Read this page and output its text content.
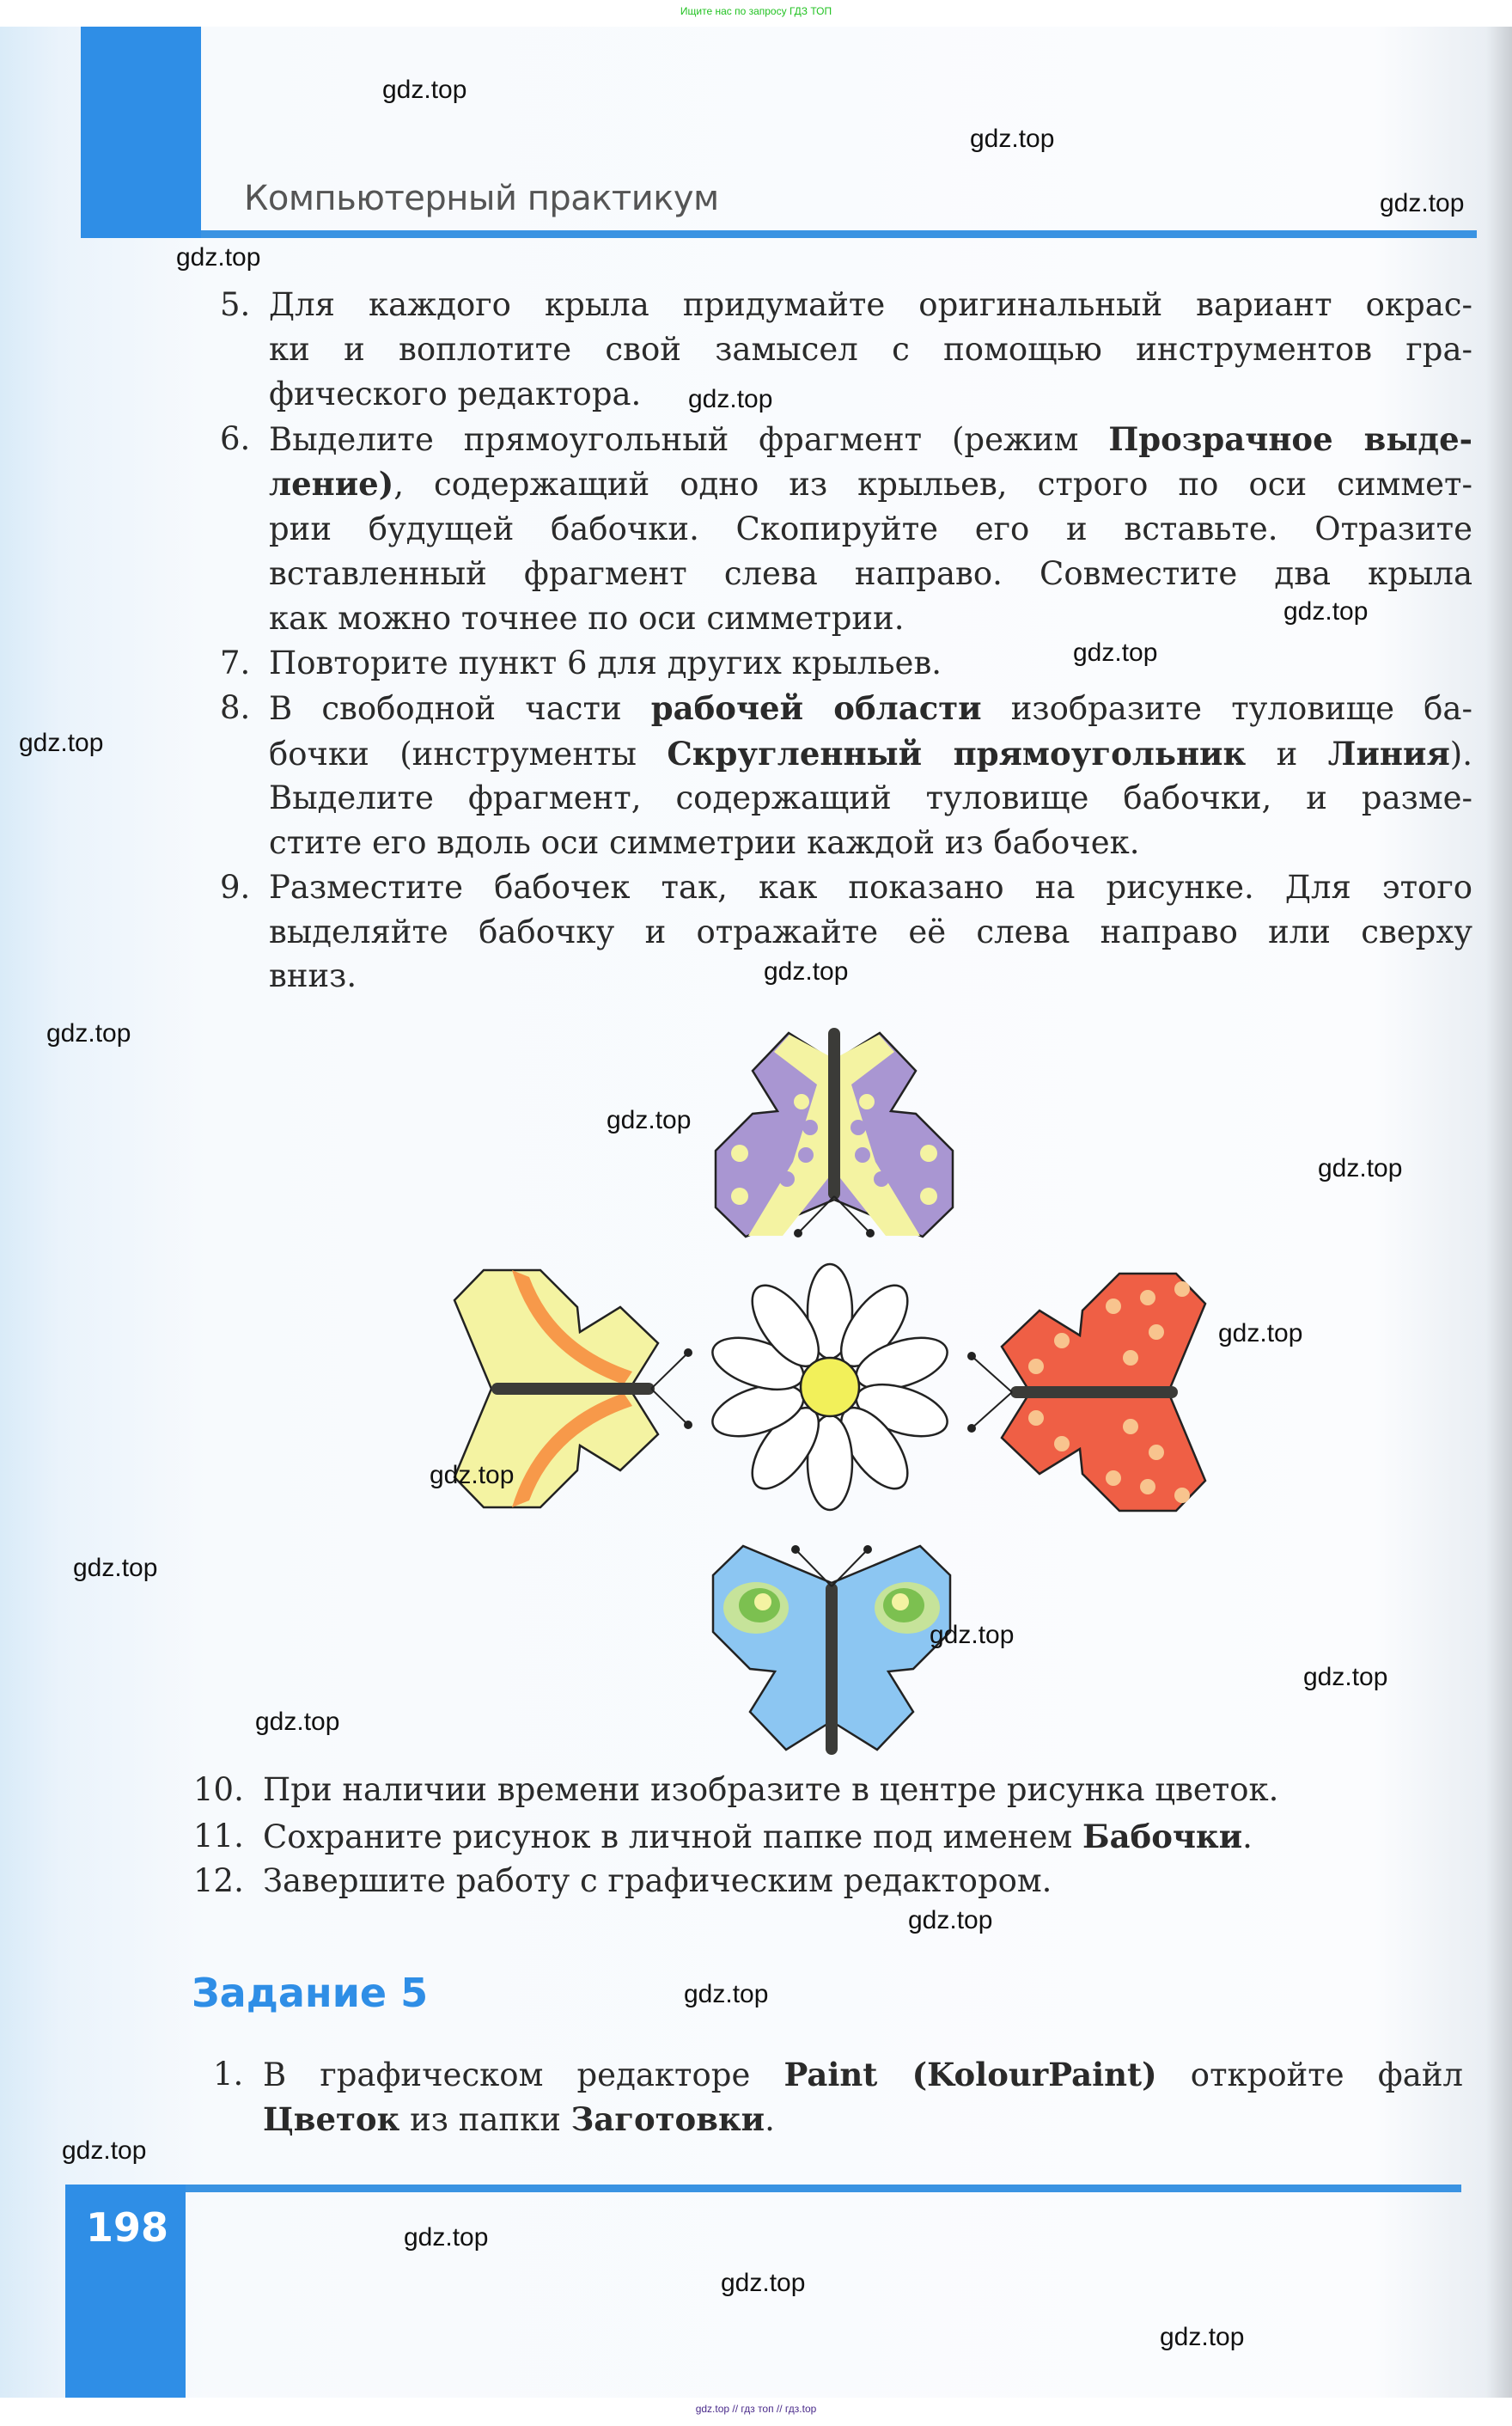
Ищите нас по запросу ГДЗ ТОП
Компьютерный практикум
5. Для каждого крыла придумайте оригинальный вариант окрас-
ки и воплотите свой замысел с помощью инструментов гра-
фического редактора.
6. Выделите прямоугольный фрагмент (режим Прозрачное выде-
ление), содержащий одно из крыльев, строго по оси симмет-
рии будущей бабочки. Скопируйте его и вставьте. Отразите
вставленный фрагмент слева направо. Совместите два крыла
как можно точнее по оси симметрии.
7. Повторите пункт 6 для других крыльев.
8. В свободной части рабочей области изобразите туловище ба-
бочки (инструменты Скругленный прямоугольник и Линия).
Выделите фрагмент, содержащий туловище бабочки, и разме-
стите его вдоль оси симметрии каждой из бабочек.
9. Разместите бабочек так, как показано на рисунке. Для этого
выделяйте бабочку и отражайте её слева направо или сверху
вниз.
10. При наличии времени изобразите в центре рисунка цветок.
11. Сохраните рисунок в личной папке под именем Бабочки.
12. Завершите работу с графическим редактором.
Задание 5
1. В графическом редакторе Paint (KolourPaint) откройте файл
Цветок из папки Заготовки.
198
gdz.top
gdz.top
gdz.top
gdz.top
gdz.top
gdz.top
gdz.top
gdz.top
gdz.top
gdz.top
gdz.top
gdz.top
gdz.top
gdz.top
gdz.top
gdz.top
gdz.top
gdz.top
gdz.top
gdz.top
gdz.top
gdz.top
gdz.top
gdz.top
gdz.top // гдз топ // гдз.top
